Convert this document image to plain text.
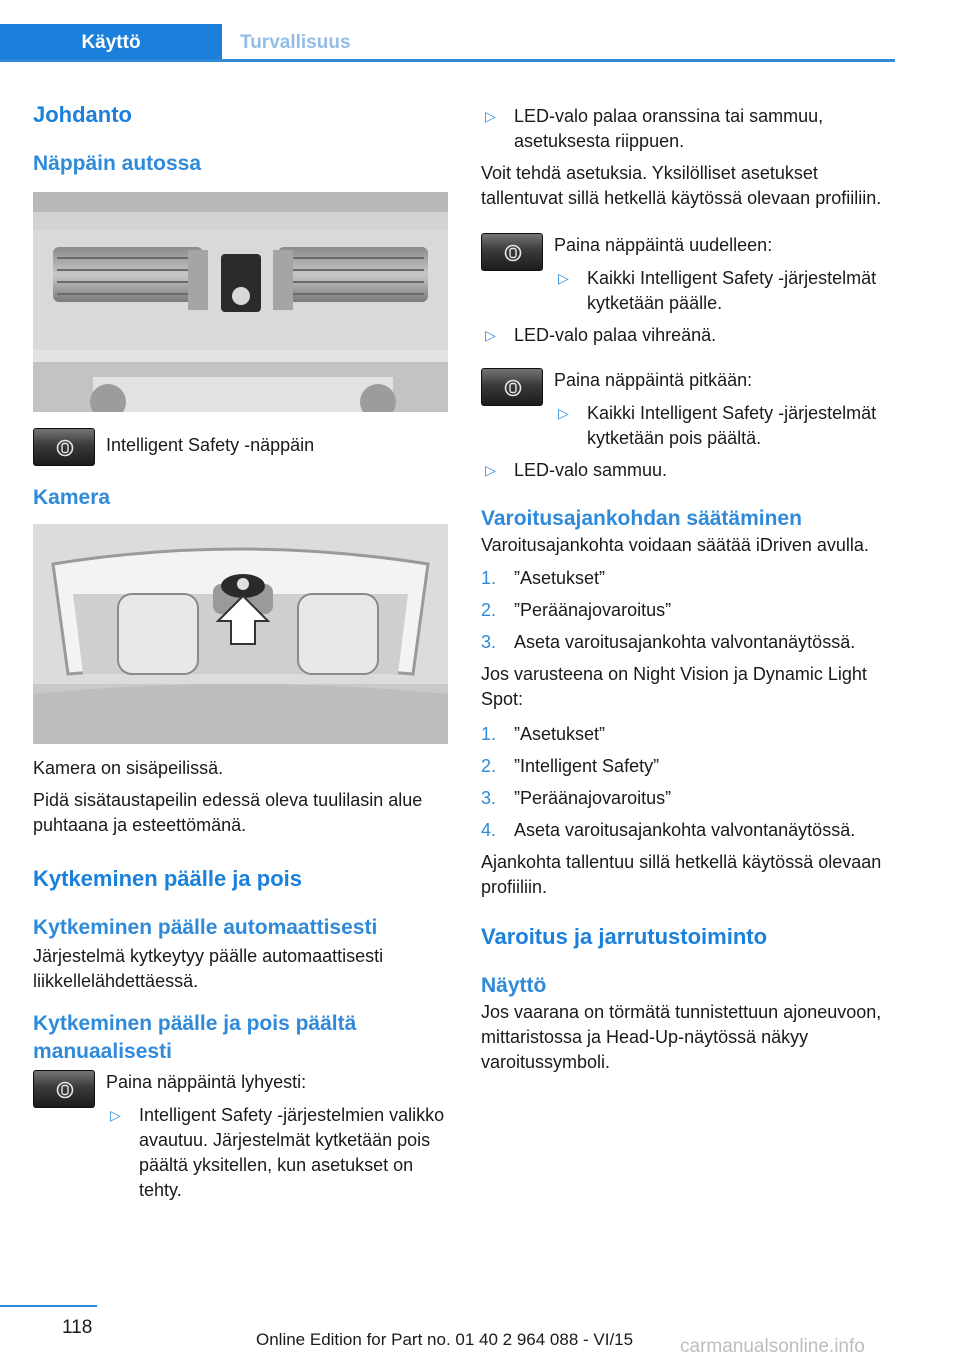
Käyttö	Turvallisuus
Johdanto
Näppäin autossa

Intelligent Safety -näppäin

Kamera

Kamera on sisäpeilissä.

Pidä sisätaustapeilin edessä oleva tuulilasin alue puhtaana ja esteettömänä.

Kytkeminen päälle ja pois
Kytkeminen päälle automaattisesti

Järjestelmä kytkeytyy päälle automaattisesti liikkellelähdettäessä.

Kytkeminen päälle ja pois päältä manuaalisesti

Paina näppäintä lyhyesti:

▷ Intelligent Safety -järjestelmien valikko avautuu. Järjestelmät kytketään pois päältä yksitellen, kun asetukset on tehty.
▷ LED-valo palaa oranssina tai sammuu, asetuksesta riippuen.

Voit tehdä asetuksia. Yksilölliset asetukset tallentuvat sillä hetkellä käytössä olevaan profiiliin.

Paina näppäintä uudelleen:

▷ Kaikki Intelligent Safety -järjestelmät kytketään päälle.
▷ LED-valo palaa vihreänä.

Paina näppäintä pitkään:

▷ Kaikki Intelligent Safety -järjestelmät kytketään pois päältä.
▷ LED-valo sammuu.
Varoitusajankohdan säätäminen

Varoitusajankohta voidaan säätää iDriven avulla.

1. ”Asetukset”
2. ”Peräänajovaroitus”
3. Aseta varoitusajankohta valvontanäytössä.

Jos varusteena on Night Vision ja Dynamic Light Spot:

1. ”Asetukset”
2. ”Intelligent Safety”
3. ”Peräänajovaroitus”
4. Aseta varoitusajankohta valvontanäytössä.

Ajankohta tallentuu sillä hetkellä käytössä olevaan profiiliin.

Varoitus ja jarrutustoiminto
Näyttö

Jos vaarana on törmätä tunnistettuun ajoneuvoon, mittaristossa ja Head-Up-näytössä näkyy varoitussymboli.

118
Online Edition for Part no. 01 40 2 964 088 - VI/15 carmanualsonline.info
